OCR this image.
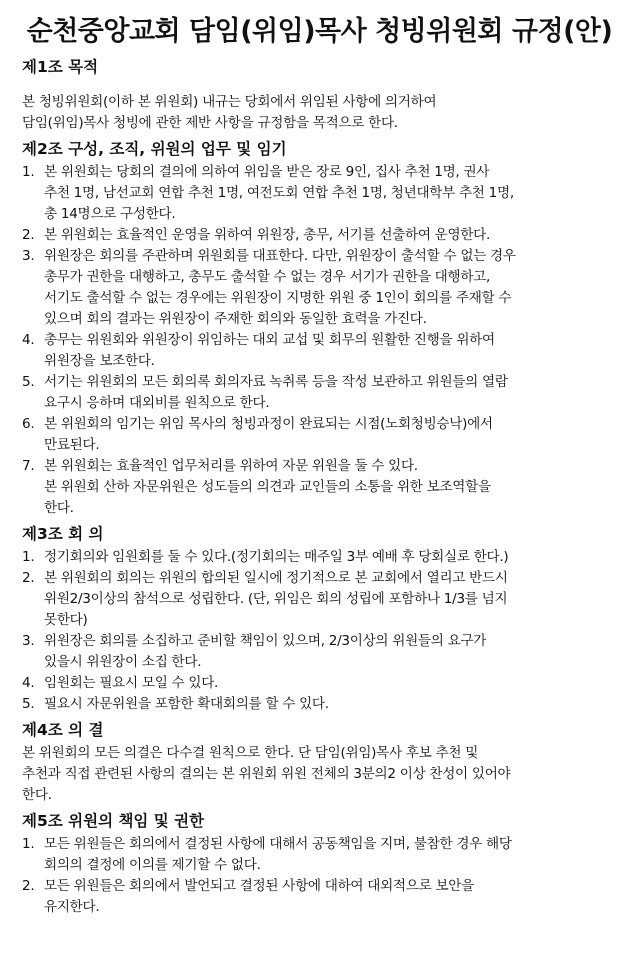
순천중앙교회 담임(위임)목사 청빙위원회 규정(안)
제1조 목적
본 청빙위원회(이하 본 위원회) 내규는 당회에서 위임된 사항에 의거하여
담임(위임)목사 청빙에 관한 제반 사항을 규정함을 목적으로 한다.
제2조 구성, 조직, 위원의 업무 및 임기
1. 본 위원회는 당회의 결의에 의하여 위임을 받은 장로 9인, 집사 추천 1명, 권사
추천 1명, 남선교회 연합 추천 1명, 여전도회 연합 추천 1명, 청년대학부 추천 1명,
총 14명으로 구성한다.
2. 본 위원회는 효율적인 운영을 위하여 위원장, 총무, 서기를 선출하여 운영한다.
3. 위원장은 회의를 주관하며 위원회를 대표한다. 다만, 위원장이 출석할 수 없는 경우
총무가 권한을 대행하고, 총무도 출석할 수 없는 경우 서기가 권한을 대행하고,
서기도 출석할 수 없는 경우에는 위원장이 지명한 위원 중 1인이 회의를 주재할 수
있으며 회의 결과는 위원장이 주재한 회의와 동일한 효력을 가진다.
4. 총무는 위원회와 위원장이 위임하는 대외 교섭 및 회무의 원활한 진행을 위하여
위원장을 보조한다.
5. 서기는 위원회의 모든 회의록 회의자료 녹취록 등을 작성 보관하고 위원들의 열람
요구시 응하며 대외비를 원칙으로 한다.
6. 본 위원회의 임기는 위임 목사의 청빙과정이 완료되는 시점(노회청빙승낙)에서
만료된다.
7. 본 위원회는 효율적인 업무처리를 위하여 자문 위원을 둘 수 있다.
본 위원회 산하 자문위원은 성도들의 의견과 교인들의 소통을 위한 보조역할을
한다.
제3조 회 의
1. 정기회의와 임원회를 둘 수 있다.(정기회의는 매주일 3부 예배 후 당회실로 한다.)
2. 본 위원회의 회의는 위원의 합의된 일시에 정기적으로 본 교회에서 열리고 반드시
위원2/3이상의 참석으로 성립한다. (단, 위임은 회의 성립에 포함하나 1/3를 넘지
못한다)
3. 위원장은 회의를 소집하고 준비할 책임이 있으며, 2/3이상의 위원들의 요구가
있을시 위원장이 소집 한다.
4. 임원회는 필요시 모일 수 있다.
5. 필요시 자문위원을 포함한 확대회의를 할 수 있다.
제4조 의 결
본 위원회의 모든 의결은 다수결 원칙으로 한다. 단 담임(위임)목사 후보 추천 및
추천과 직접 관련된 사항의 결의는 본 위원회 위원 전체의 3분의2 이상 찬성이 있어야
한다.
제5조 위원의 책임 및 권한
1. 모든 위원들은 회의에서 결정된 사항에 대해서 공동책임을 지며, 불참한 경우 해당
회의의 결정에 이의를 제기할 수 없다.
2. 모든 위원들은 회의에서 발언되고 결정된 사항에 대하여 대외적으로 보안을
유지한다.
